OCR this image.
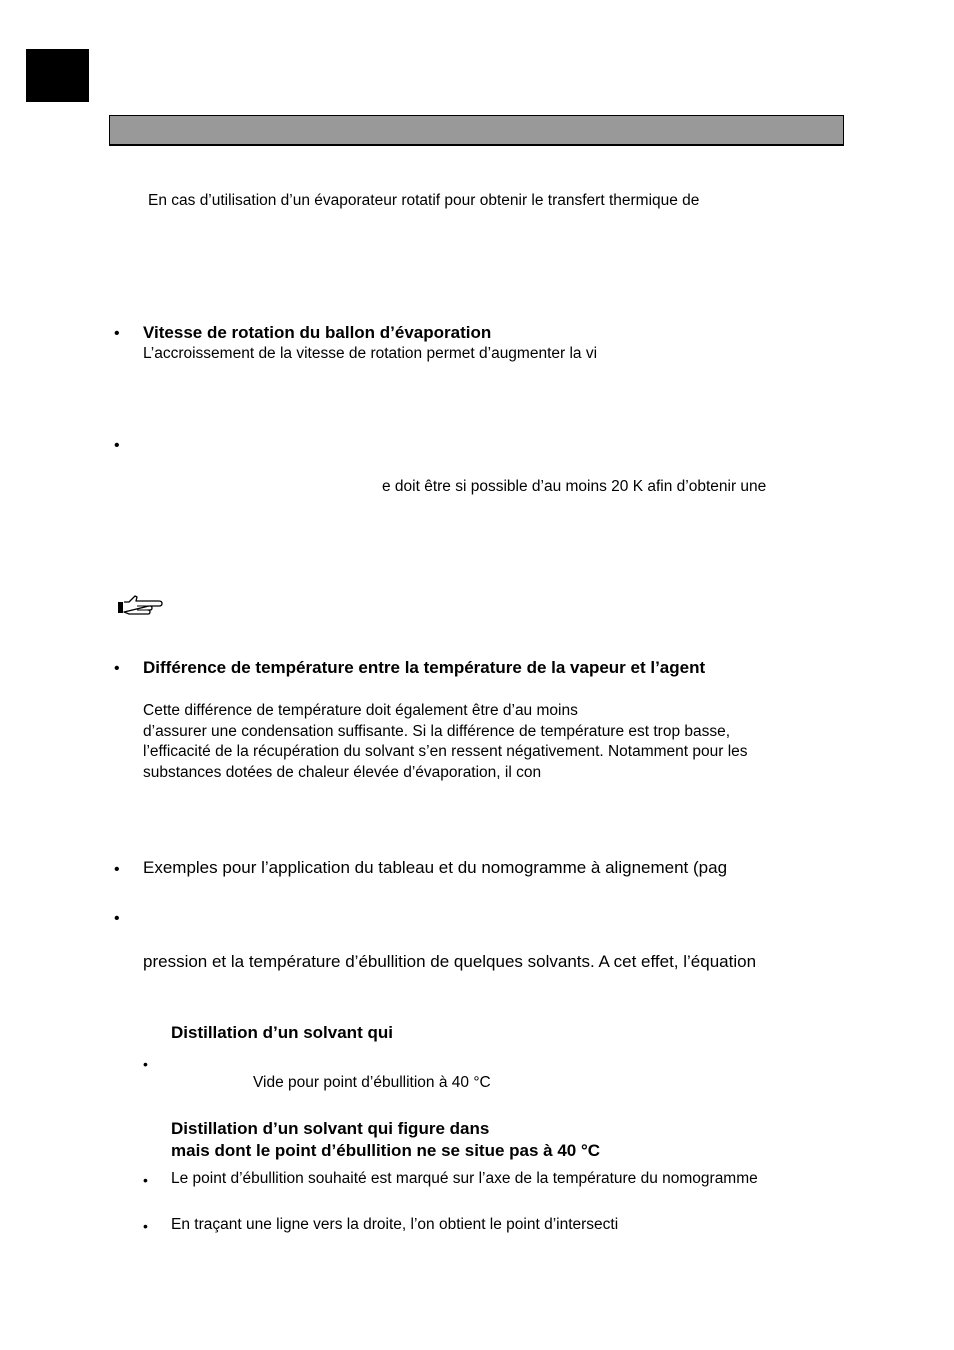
En cas d’utilisation d’un évaporateur rotatif pour obtenir le transfert thermique de
• Vitesse de rotation du ballon d’évaporation
L’accroissement de la vitesse de rotation permet d’augmenter la vi
•
e doit être si possible d’au moins 20 K afin d’obtenir une
• Différence de température entre la température de la vapeur et l’agent
Cette différence de température doit également être d’au moins
d’assurer une condensation suffisante. Si la différence de température est trop basse,
l’efficacité de la récupération du solvant s’en ressent négativement. Notamment pour les
substances dotées de chaleur élevée d’évaporation, il con
• Exemples pour l’application du tableau et du nomogramme à alignement (pag
•
pression et la température d’ébullition de quelques solvants. A cet effet, l’équation
Distillation d’un solvant qui
•
Vide pour point d’ébullition à 40 °C
Distillation d’un solvant qui figure dans
mais dont le point d’ébullition ne se situe pas à 40 °C
• Le point d’ébullition souhaité est marqué sur l’axe de la température du nomogramme
• En traçant une ligne vers la droite, l’on obtient le point d’intersecti
